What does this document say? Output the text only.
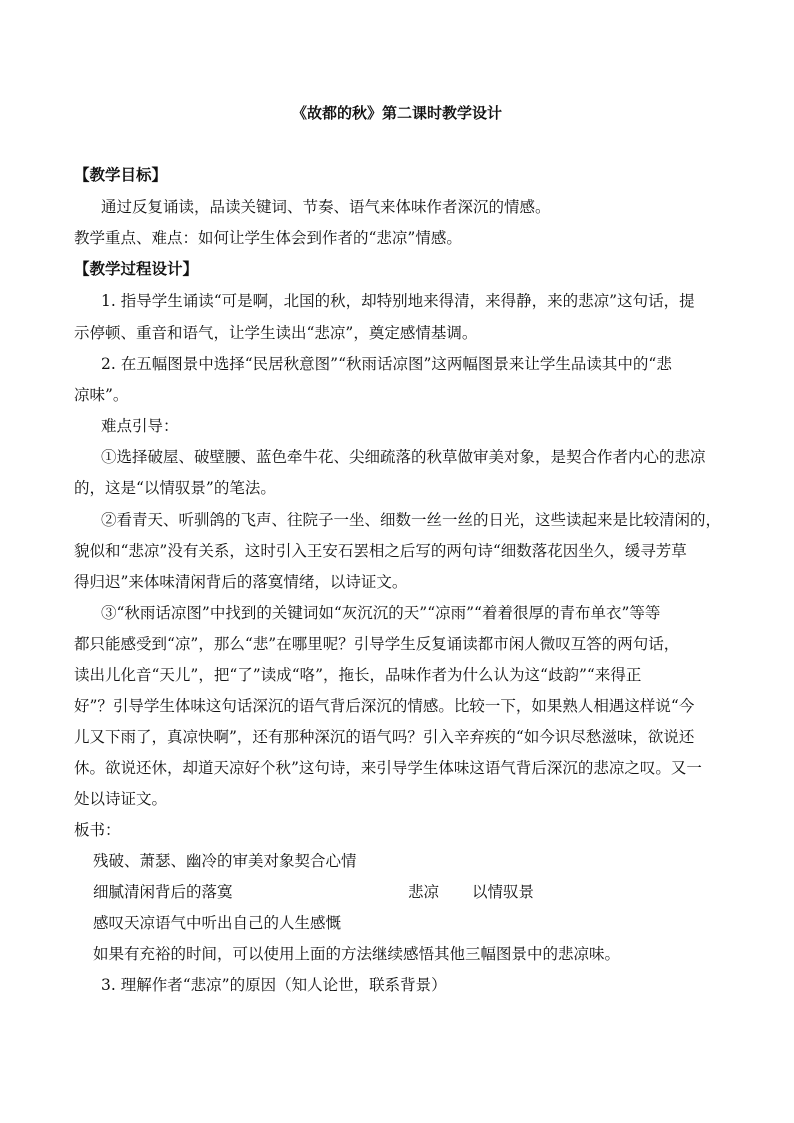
《故都的秋》第二课时教学设计
【教学目标】
通过反复诵读，品读关键词、节奏、语气来体味作者深沉的情感。
教学重点、难点：如何让学生体会到作者的“悲凉”情感。
【教学过程设计】
1. 指导学生诵读“可是啊，北国的秋，却特别地来得清，来得静，来的悲凉”这句话，提
示停顿、重音和语气，让学生读出“悲凉”，奠定感情基调。
2. 在五幅图景中选择“民居秋意图”“秋雨话凉图”这两幅图景来让学生品读其中的“悲
凉味”。
难点引导：
①选择破屋、破壁腰、蓝色牵牛花、尖细疏落的秋草做审美对象，是契合作者内心的悲凉
的，这是“以情驭景”的笔法。
②看青天、听驯鸽的飞声、往院子一坐、细数一丝一丝的日光，这些读起来是比较清闲的，
貌似和“悲凉”没有关系，这时引入王安石罢相之后写的两句诗“细数落花因坐久，缓寻芳草
得归迟”来体味清闲背后的落寞情绪，以诗证文。
③“秋雨话凉图”中找到的关键词如“灰沉沉的天”“凉雨”“着着很厚的青布单衣”等等
都只能感受到“凉”，那么“悲”在哪里呢？引导学生反复诵读都市闲人微叹互答的两句话，
读出儿化音“天儿”，把“了”读成“咯”，拖长，品味作者为什么认为这“歧韵”“来得正
好”？引导学生体味这句话深沉的语气背后深沉的情感。比较一下，如果熟人相遇这样说“今
儿又下雨了，真凉快啊”，还有那种深沉的语气吗？引入辛弃疾的“如今识尽愁滋味，欲说还
休。欲说还休，却道天凉好个秋”这句诗，来引导学生体味这语气背后深沉的悲凉之叹。又一
处以诗证文。
板书：
残破、萧瑟、幽冷的审美对象契合心情
细腻清闲背后的落寞	悲凉 以情驭景
感叹天凉语气中听出自己的人生感慨
如果有充裕的时间，可以使用上面的方法继续感悟其他三幅图景中的悲凉味。
3. 理解作者“悲凉”的原因（知人论世，联系背景）
